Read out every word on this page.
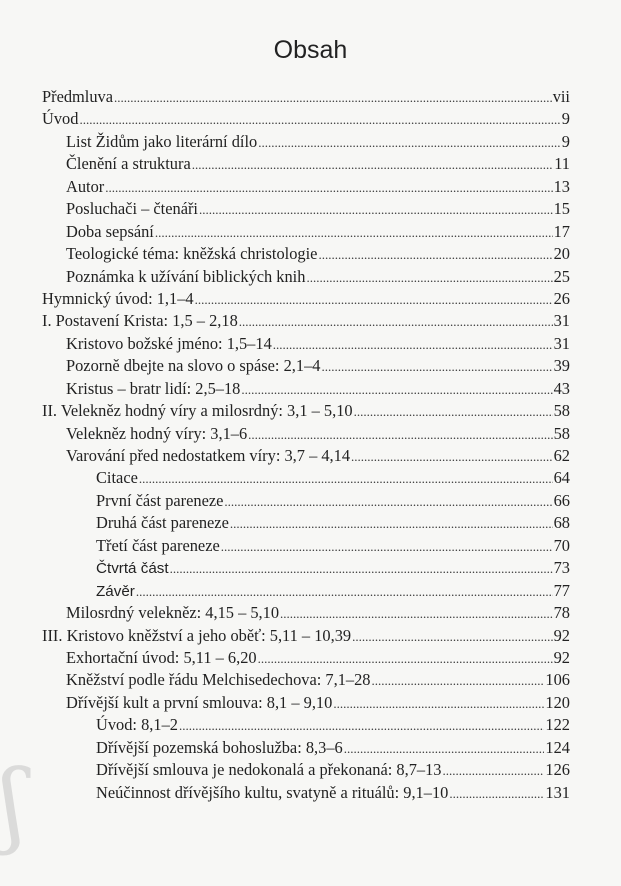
Obsah
Předmluva .....	vii
Úvod .....	9
List Židům jako literární dílo .....	9
Členění a struktura .....	11
Autor .....	13
Posluchači – čtenáři .....	15
Doba sepsání .....	17
Teologické téma: kněžská christologie .....	20
Poznámka k užívání biblických knih .....	25
Hymnický úvod: 1,1–4 .....	26
I. Postavení Krista: 1,5 – 2,18 .....	31
Kristovo božské jméno: 1,5–14 .....	31
Pozorně dbejte na slovo o spáse: 2,1–4 .....	39
Kristus – bratr lidí: 2,5–18 .....	43
II. Velekněz hodný víry a milosrdný: 3,1 – 5,10 .....	58
Velekněz hodný víry: 3,1–6 .....	58
Varování před nedostatkem víry: 3,7 – 4,14 .....	62
Citace .....	64
První část pareneze .....	66
Druhá část pareneze .....	68
Třetí část pareneze .....	70
Čtvrtá část .....	73
Závěr .....	77
Milosrdný velekněz: 4,15 – 5,10 .....	78
III. Kristovo kněžství a jeho oběť: 5,11 – 10,39 .....	92
Exhortační úvod: 5,11 – 6,20 .....	92
Kněžství podle řádu Melchisedechova: 7,1–28 .....	106
Dřívější kult a první smlouva: 8,1 – 9,10 .....	120
Úvod: 8,1–2 .....	122
Dřívější pozemská bohoslužba: 8,3–6 .....	124
Dřívější smlouva je nedokonalá a překonaná: 8,7–13 .....	126
Neúčinnost dřívějšího kultu, svatyně a rituálů: 9,1–10 .....	131
ʃ
